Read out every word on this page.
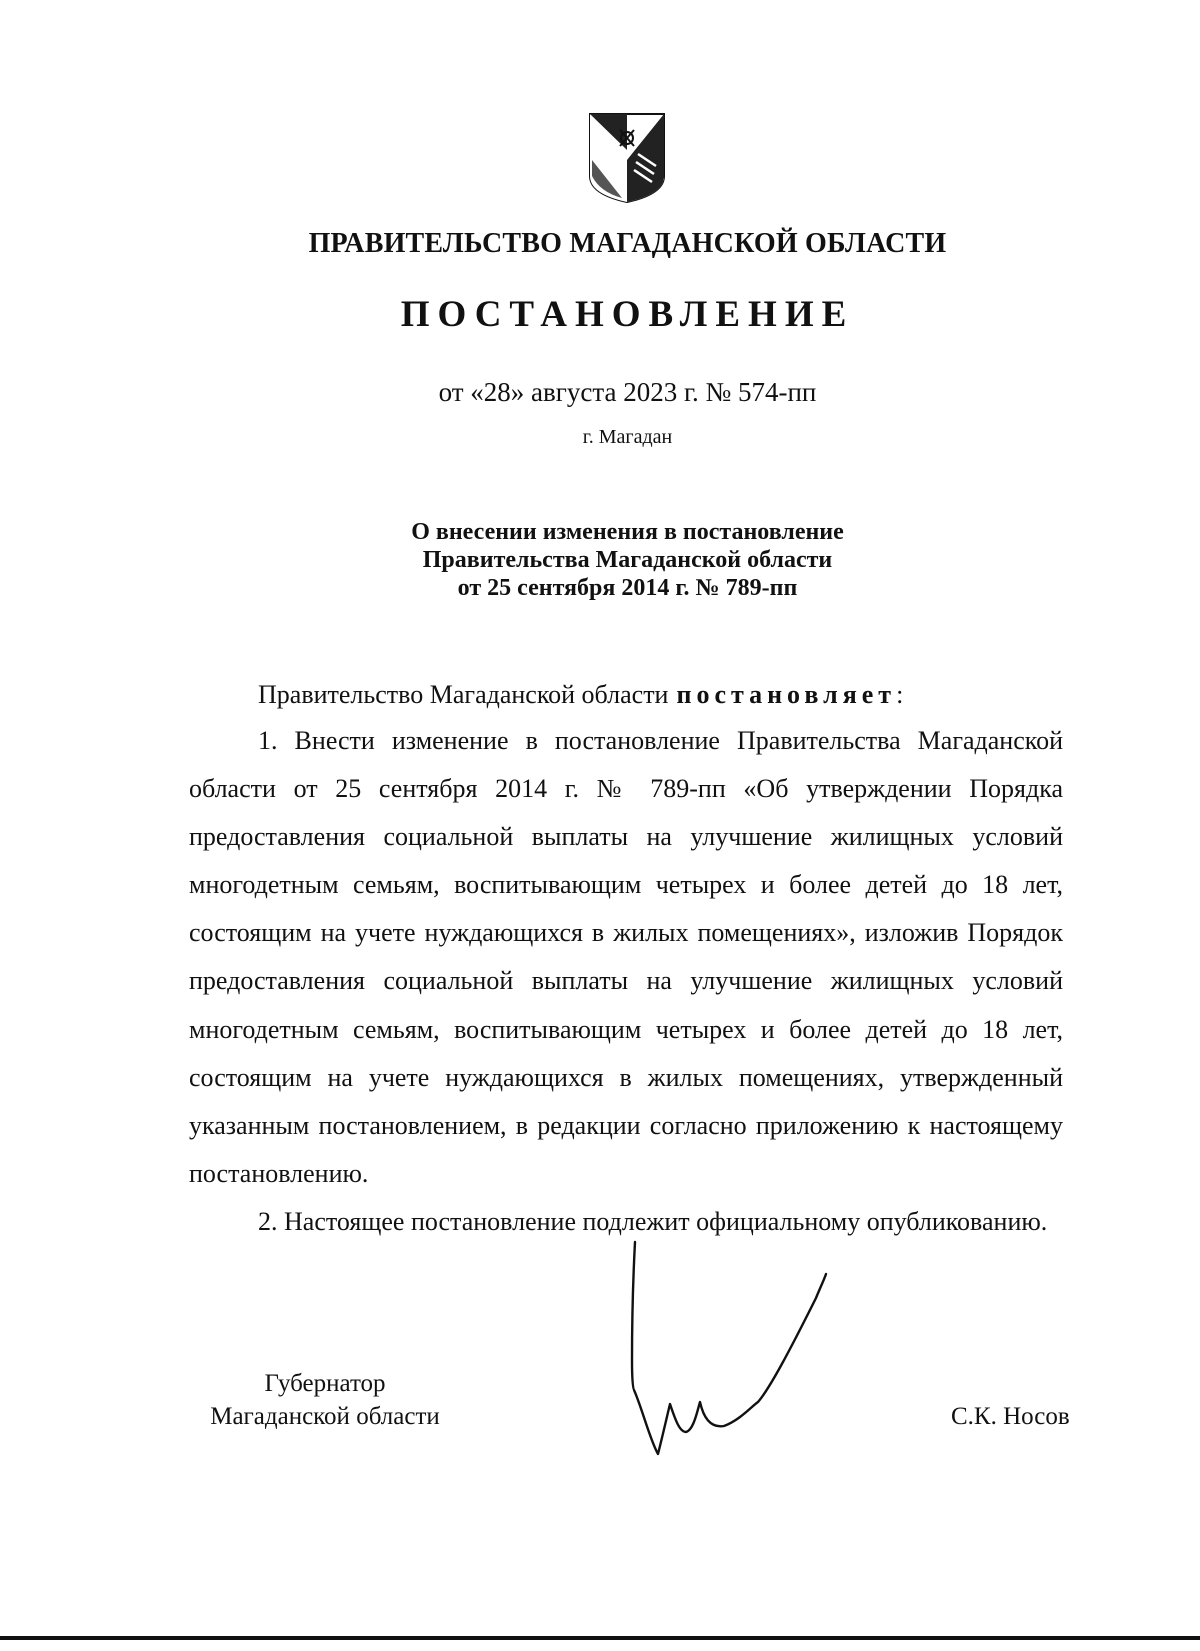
ПРАВИТЕЛЬСТВО МАГАДАНСКОЙ ОБЛАСТИ
ПОСТАНОВЛЕНИЕ
от «28» августа 2023 г. № 574-пп
г. Магадан
О внесении изменения в постановление
Правительства Магаданской области
от 25 сентября 2014 г. № 789-пп
Правительство Магаданской области постановляет:

1. Внести изменение в постановление Правительства Магаданской области от 25 сентября 2014 г. № 789-пп «Об утверждении Порядка предоставления социальной выплаты на улучшение жилищных условий многодетным семьям, воспитывающим четырех и более детей до 18 лет, состоящим на учете нуждающихся в жилых помещениях», изложив Порядок предоставления социальной выплаты на улучшение жилищных условий многодетным семьям, воспитывающим четырех и более детей до 18 лет, состоящим на учете нуждающихся в жилых помещениях, утвержденный указанным постановлением, в редакции согласно приложению к настоящему постановлению.

2. Настоящее постановление подлежит официальному опубликованию.

Губернатор
Магаданской области	С.К. Носов
